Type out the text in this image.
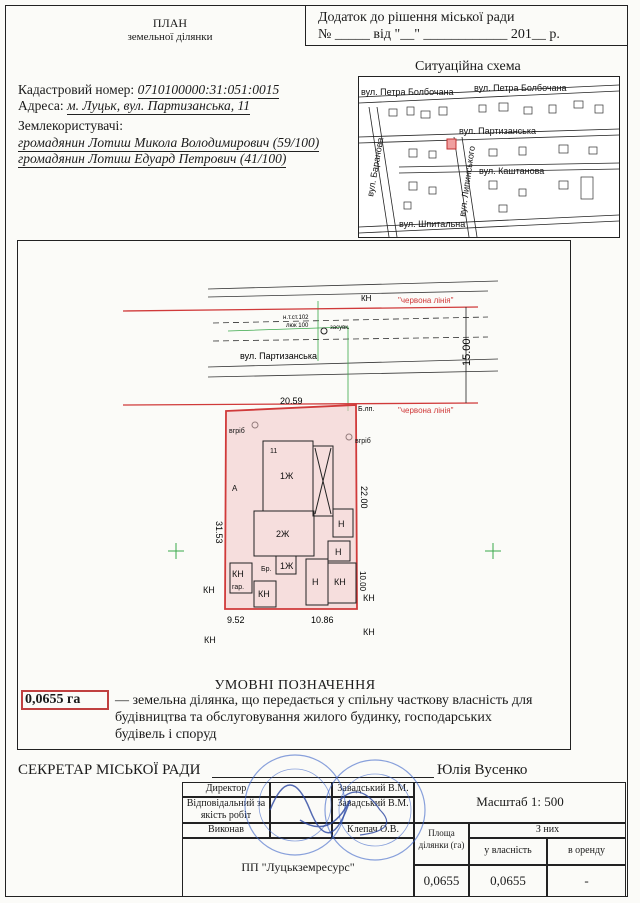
ПЛАН
земельної ділянки
Додаток до рішення міської ради
№ _____ від "__" ____________ 201__ р.
Кадастровий номер: 0710100000:31:051:0015
Адреса: м. Луцьк, вул. Партизанська, 11
Землекористувачі:
громадянин Лотиш Микола Володимирович (59/100)
громадянин Лотиш Едуард Петрович (41/100)
Ситуаційна схема
вул. Петра Болбочана вул. Петра Болбочана
вул. Партизанська
вул. Каштанова
вул. Шпитальна
вул. Баранова	вул. Липинського
"червона лінія"
"червона лінія"
15.00
вул. Партизанська
н.т.ст.102
люк 100	засувк.
КН
Б.лп.
20.59
22.00
31.53
9.52	10.86
10.00
1Ж
2Ж
Н
Н
1Ж
КН
гар.
КН
Н КН
Бр.
11
вгріб
вгріб
А
КН
КН
КН
КН
УМОВНІ ПОЗНАЧЕННЯ
0,0655 га	— земельна ділянка, що передається у спільну часткову власність для будівництва та обслуговування жилого будинку, господарських будівель і споруд
СЕКРЕТАР МІСЬКОЇ РАДИ	Юлія Вусенко
Директор	Завадський В.М.
Відповідальний за якість робіт
Завадський В.М.
Виконав	Клепач О.В.
Масштаб 1: 500
ПП "Луцькземресурс"
Площа ділянки (га)
З них
у власність	в оренду
0,0655	0,0655	-
